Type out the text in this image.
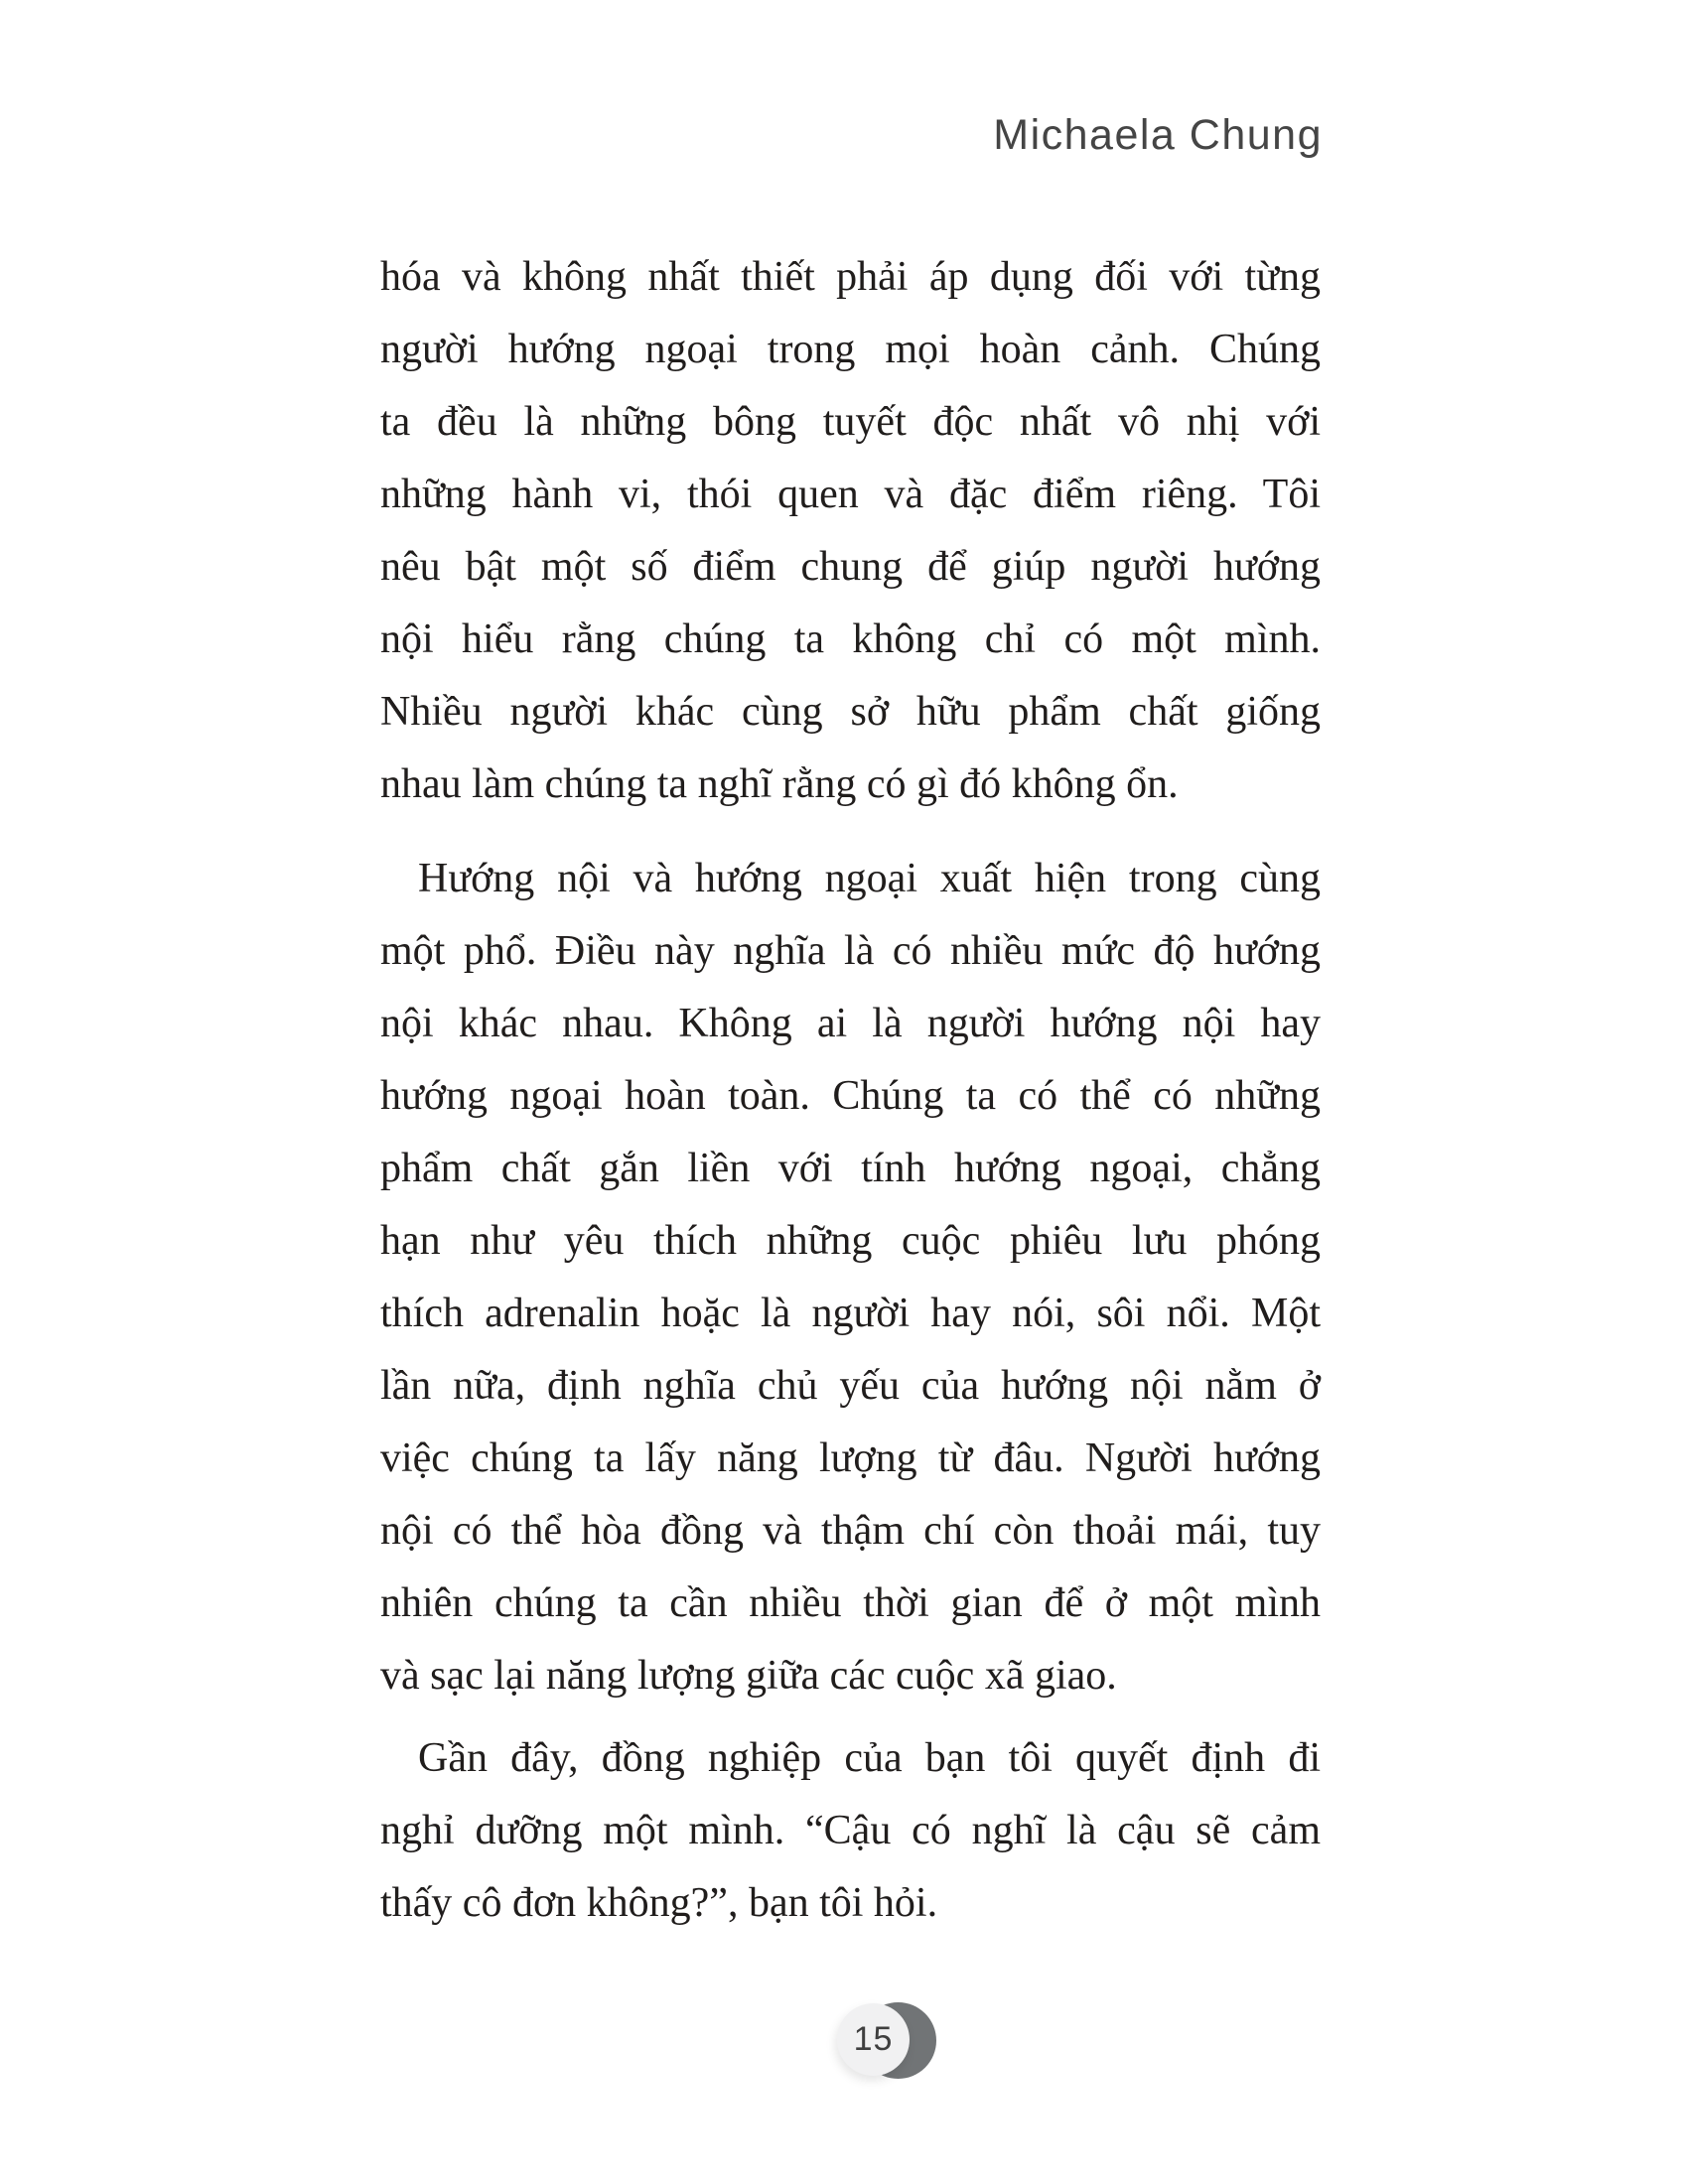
Michaela Chung
hóa và không nhất thiết phải áp dụng đối với từng
người hướng ngoại trong mọi hoàn cảnh. Chúng
ta đều là những bông tuyết độc nhất vô nhị với
những hành vi, thói quen và đặc điểm riêng. Tôi
nêu bật một số điểm chung để giúp người hướng
nội hiểu rằng chúng ta không chỉ có một mình.
Nhiều người khác cùng sở hữu phẩm chất giống
nhau làm chúng ta nghĩ rằng có gì đó không ổn.
Hướng nội và hướng ngoại xuất hiện trong cùng
một phổ. Điều này nghĩa là có nhiều mức độ hướng
nội khác nhau. Không ai là người hướng nội hay
hướng ngoại hoàn toàn. Chúng ta có thể có những
phẩm chất gắn liền với tính hướng ngoại, chẳng
hạn như yêu thích những cuộc phiêu lưu phóng
thích adrenalin hoặc là người hay nói, sôi nổi. Một
lần nữa, định nghĩa chủ yếu của hướng nội nằm ở
việc chúng ta lấy năng lượng từ đâu. Người hướng
nội có thể hòa đồng và thậm chí còn thoải mái, tuy
nhiên chúng ta cần nhiều thời gian để ở một mình
và sạc lại năng lượng giữa các cuộc xã giao.
Gần đây, đồng nghiệp của bạn tôi quyết định đi
nghỉ dưỡng một mình. “Cậu có nghĩ là cậu sẽ cảm
thấy cô đơn không?”, bạn tôi hỏi.
15
